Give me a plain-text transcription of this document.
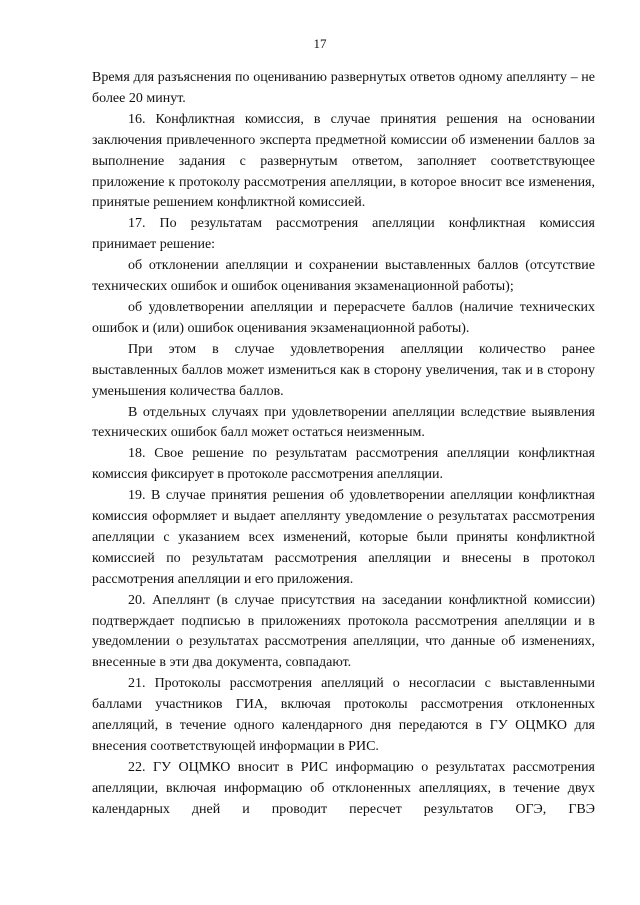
17

Время для разъяснения по оцениванию развернутых ответов одному апеллянту – не более 20 минут.

16. Конфликтная комиссия, в случае принятия решения на основании заключения привлеченного эксперта предметной комиссии об изменении баллов за выполнение задания с развернутым ответом, заполняет соответствующее приложение к протоколу рассмотрения апелляции, в которое вносит все изменения, принятые решением конфликтной комиссией.

17. По результатам рассмотрения апелляции конфликтная комиссия принимает решение:

об отклонении апелляции и сохранении выставленных баллов (отсутствие технических ошибок и ошибок оценивания экзаменационной работы);

об удовлетворении апелляции и перерасчете баллов (наличие технических ошибок и (или) ошибок оценивания экзаменационной работы).

При этом в случае удовлетворения апелляции количество ранее выставленных баллов может измениться как в сторону увеличения, так и в сторону уменьшения количества баллов.

В отдельных случаях при удовлетворении апелляции вследствие выявления технических ошибок балл может остаться неизменным.

18. Свое решение по результатам рассмотрения апелляции конфликтная комиссия фиксирует в протоколе рассмотрения апелляции.

19. В случае принятия решения об удовлетворении апелляции конфликтная комиссия оформляет и выдает апеллянту уведомление о результатах рассмотрения апелляции с указанием всех изменений, которые были приняты конфликтной комиссией по результатам рассмотрения апелляции и внесены в протокол рассмотрения апелляции и его приложения.

20. Апеллянт (в случае присутствия на заседании конфликтной комиссии) подтверждает подписью в приложениях протокола рассмотрения апелляции и в уведомлении о результатах рассмотрения апелляции, что данные об изменениях, внесенные в эти два документа, совпадают.

21. Протоколы рассмотрения апелляций о несогласии с выставленными баллами участников ГИА, включая протоколы рассмотрения отклоненных апелляций, в течение одного календарного дня передаются в ГУ ОЦМКО для внесения соответствующей информации в РИС.

22. ГУ ОЦМКО вносит в РИС информацию о результатах рассмотрения апелляции, включая информацию об отклоненных апелляциях, в течение двух календарных дней и проводит пересчет результатов ОГЭ, ГВЭ
